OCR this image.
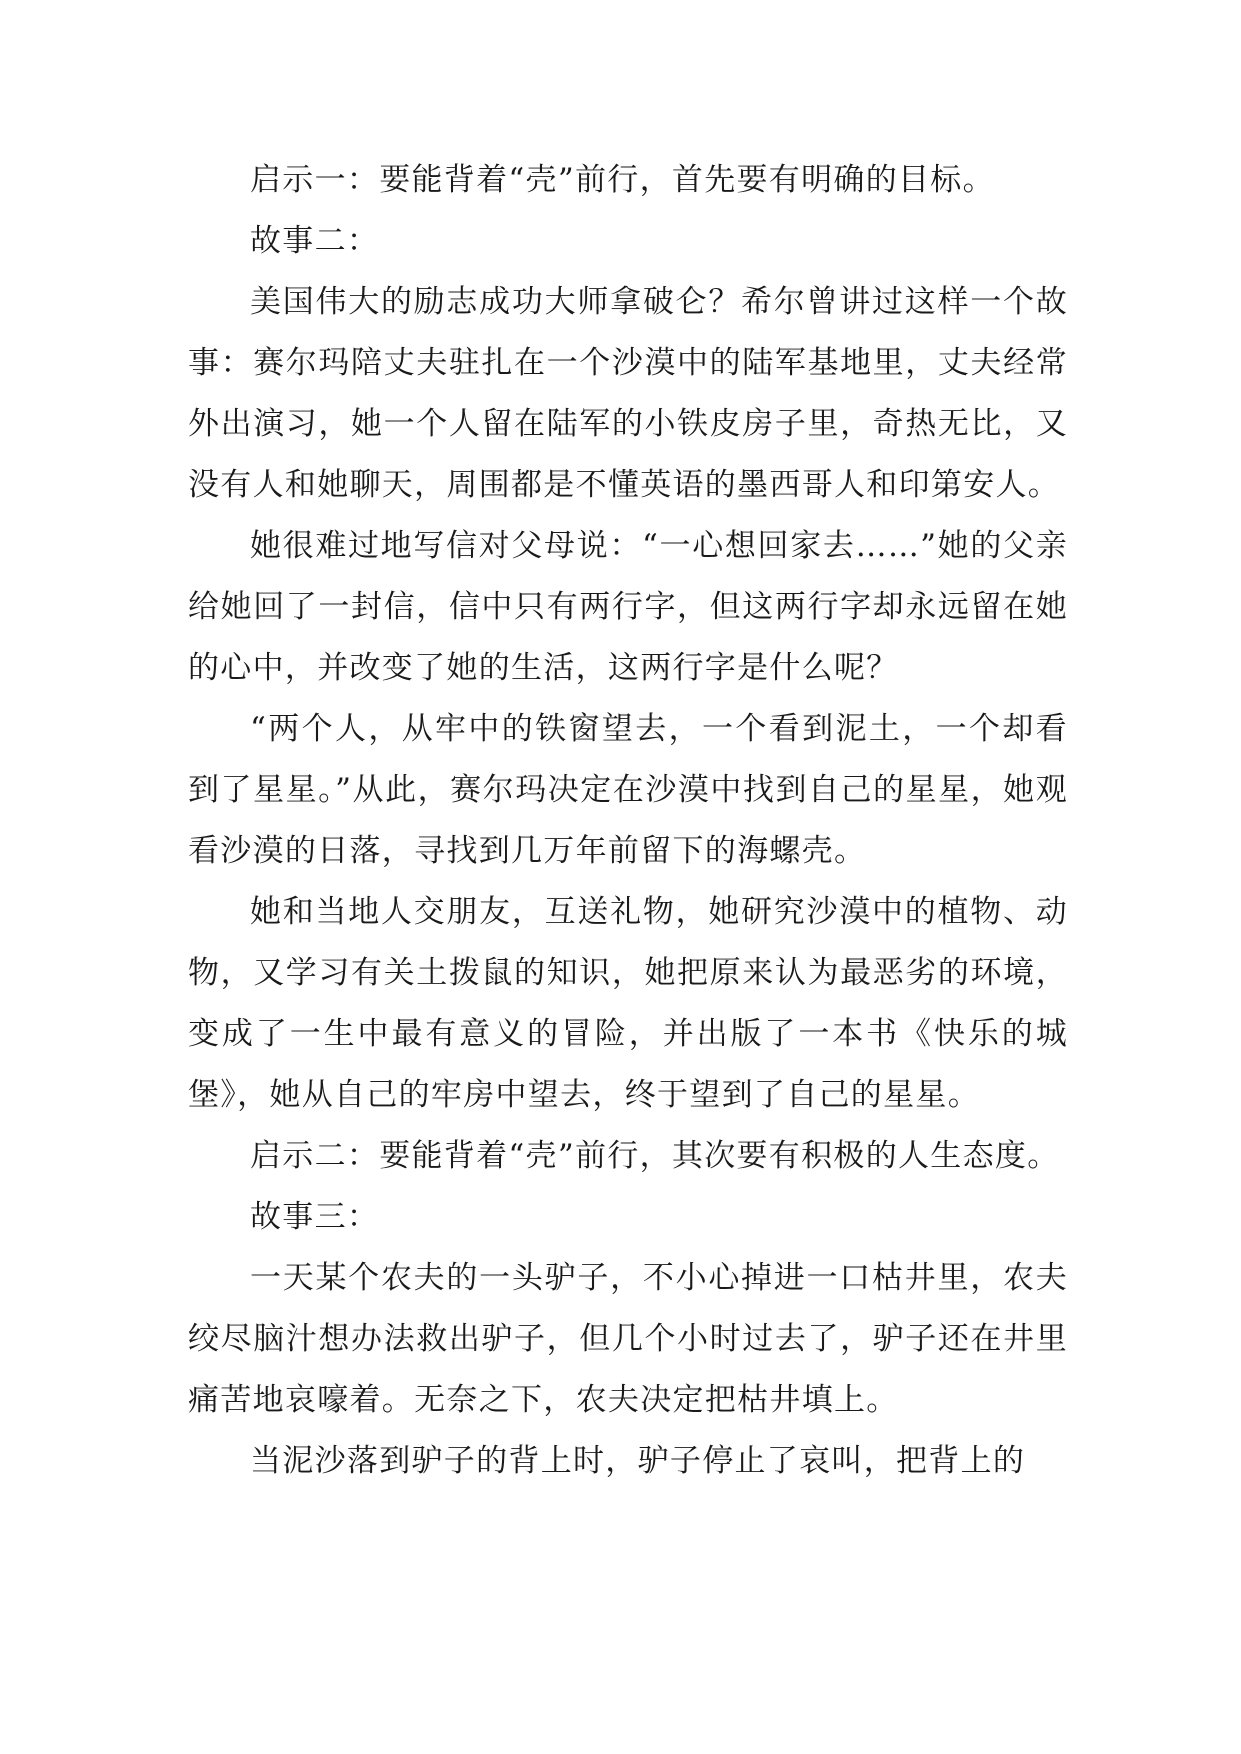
启示一：要能背着“壳”前行，首先要有明确的目标。

故事二：

美国伟大的励志成功大师拿破仑？希尔曾讲过这样一个故事：赛尔玛陪丈夫驻扎在一个沙漠中的陆军基地里，丈夫经常外出演习，她一个人留在陆军的小铁皮房子里，奇热无比，又没有人和她聊天，周围都是不懂英语的墨西哥人和印第安人。

她很难过地写信对父母说：“一心想回家去……”她的父亲给她回了一封信，信中只有两行字，但这两行字却永远留在她的心中，并改变了她的生活，这两行字是什么呢？

“两个人，从牢中的铁窗望去，一个看到泥土，一个却看到了星星。”从此，赛尔玛决定在沙漠中找到自己的星星，她观看沙漠的日落，寻找到几万年前留下的海螺壳。

她和当地人交朋友，互送礼物，她研究沙漠中的植物、动物，又学习有关土拨鼠的知识，她把原来认为最恶劣的环境，变成了一生中最有意义的冒险，并出版了一本书《快乐的城堡》，她从自己的牢房中望去，终于望到了自己的星星。

启示二：要能背着“壳”前行，其次要有积极的人生态度。

故事三：

一天某个农夫的一头驴子，不小心掉进一口枯井里，农夫绞尽脑汁想办法救出驴子，但几个小时过去了，驴子还在井里痛苦地哀嚎着。无奈之下，农夫决定把枯井填上。

当泥沙落到驴子的背上时，驴子停止了哀叫，把背上的
